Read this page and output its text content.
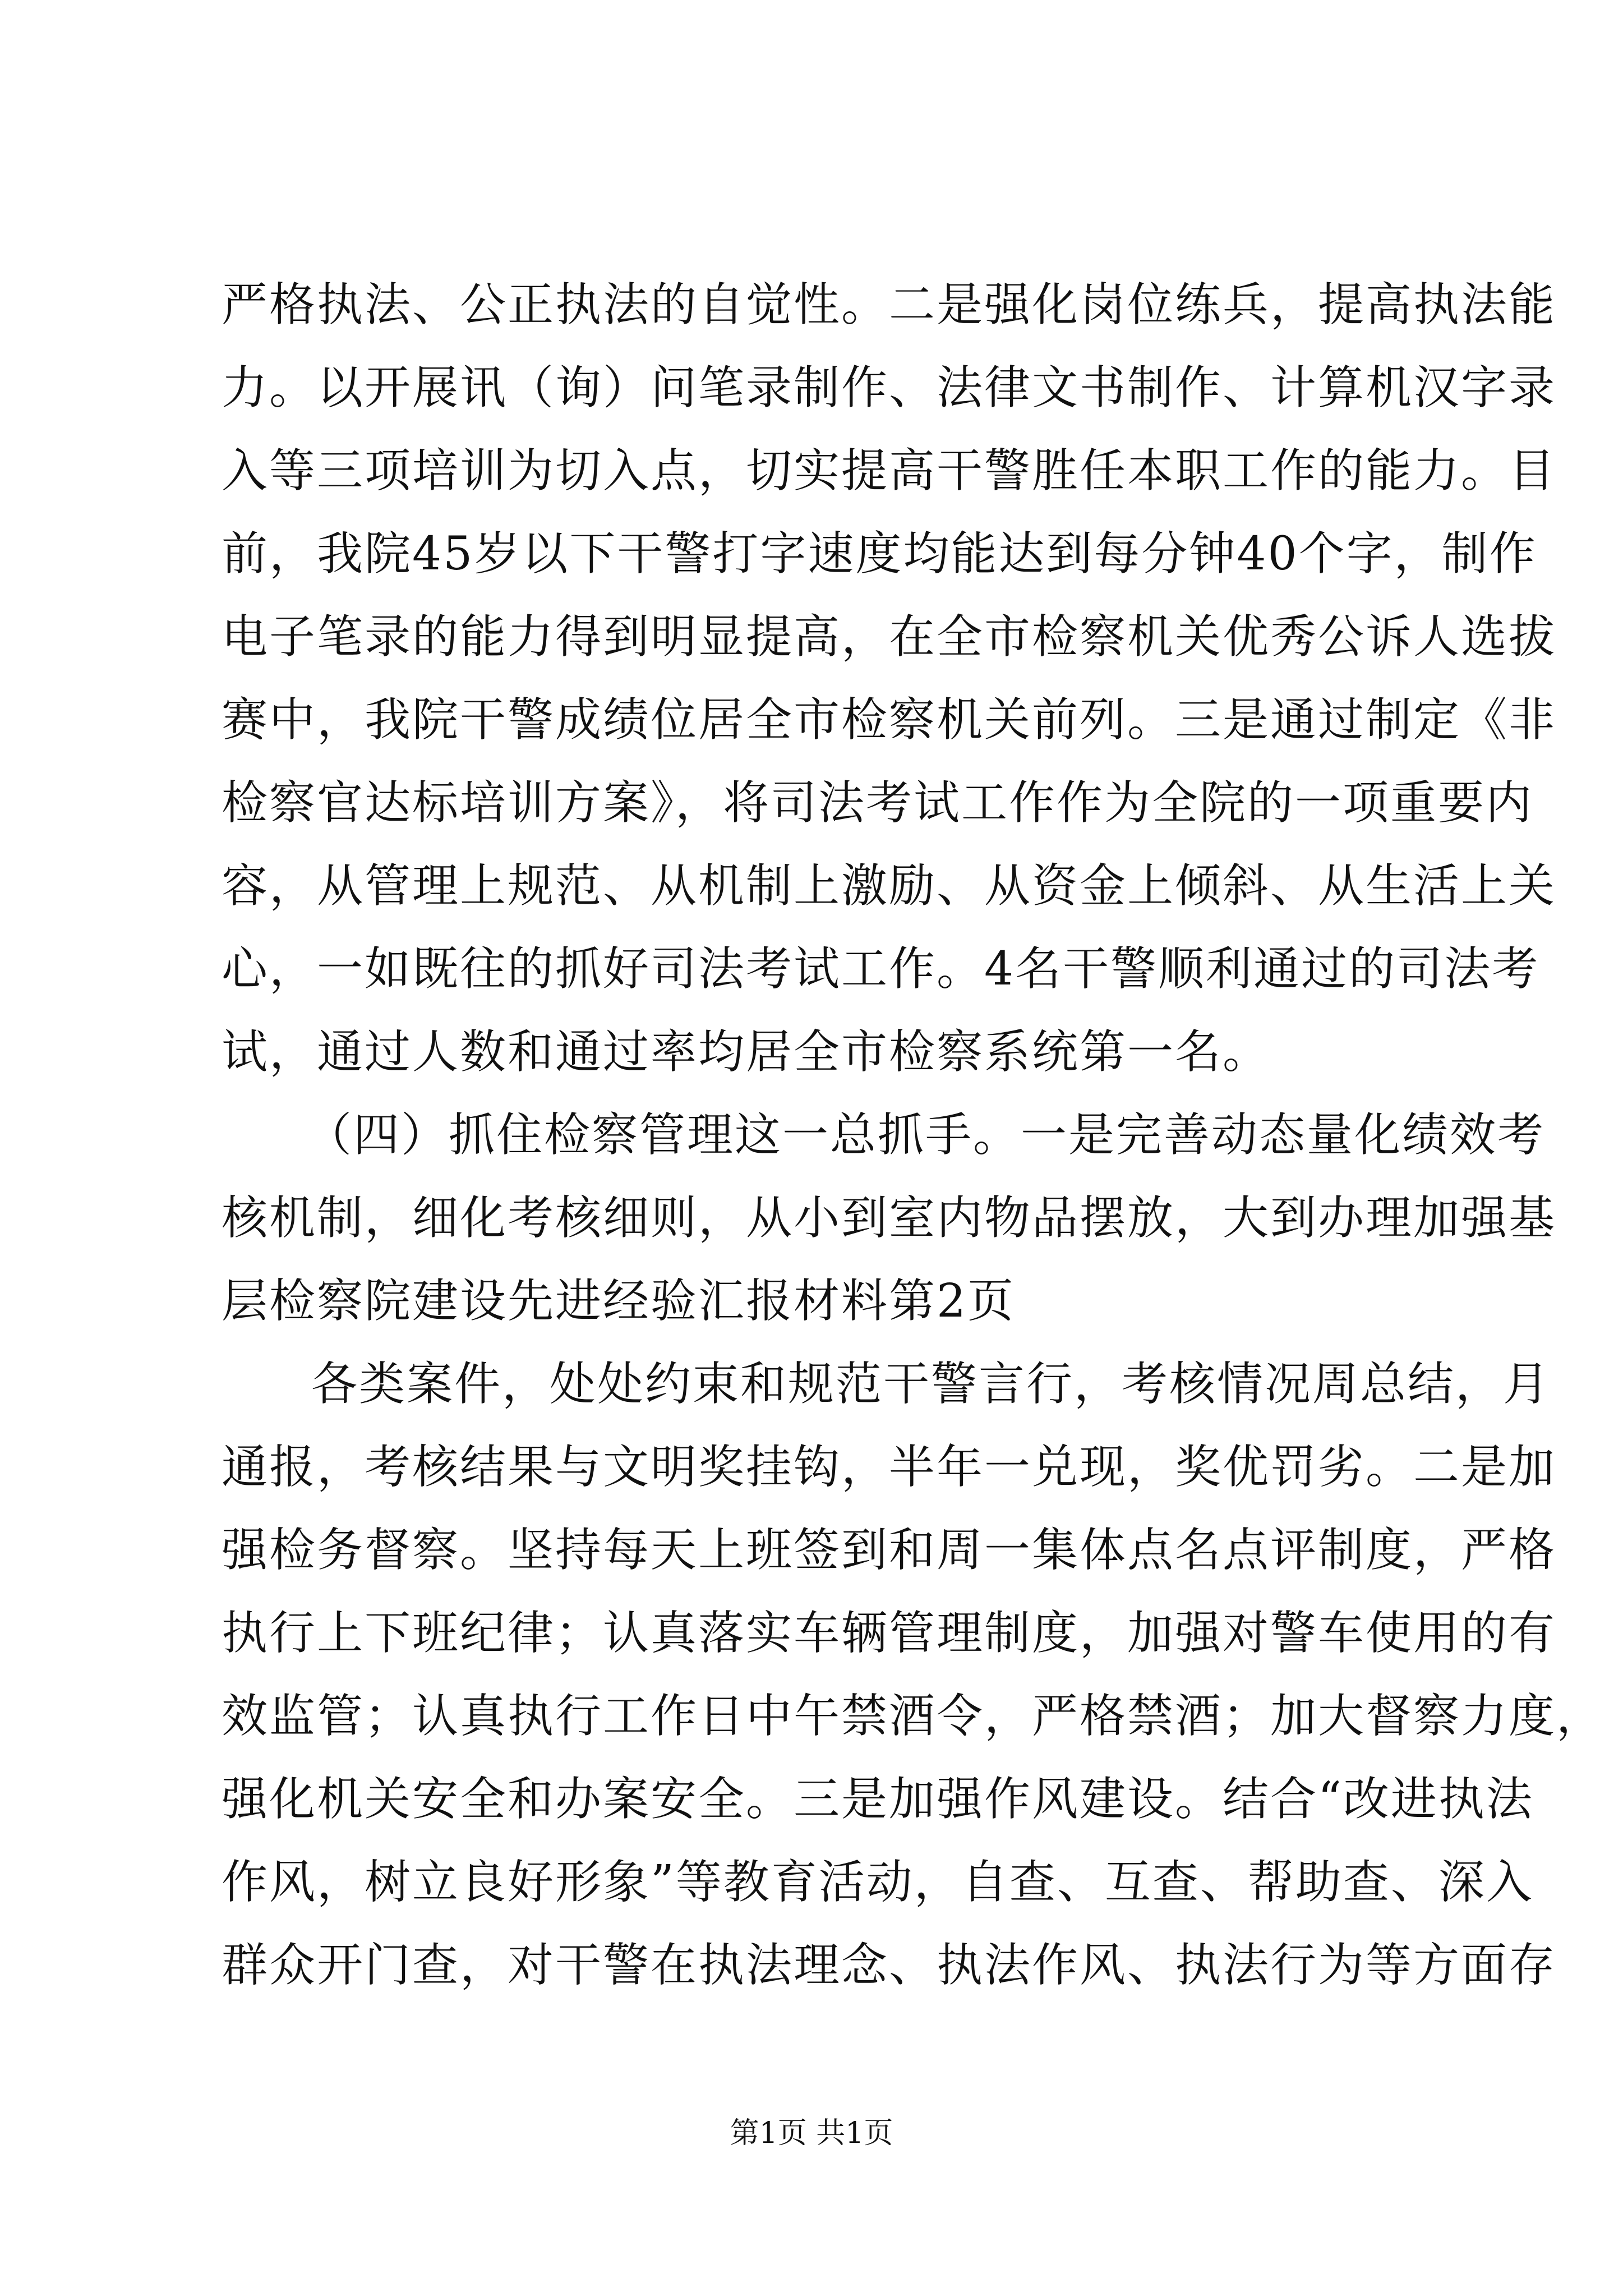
严格执法、公正执法的自觉性。二是强化岗位练兵，提高执法能
力。以开展讯（询）问笔录制作、法律文书制作、计算机汉字录
入等三项培训为切入点，切实提高干警胜任本职工作的能力。目
前，我院45岁以下干警打字速度均能达到每分钟40个字，制作
电子笔录的能力得到明显提高，在全市检察机关优秀公诉人选拔
赛中，我院干警成绩位居全市检察机关前列。三是通过制定《非
检察官达标培训方案》，将司法考试工作作为全院的一项重要内
容，从管理上规范、从机制上激励、从资金上倾斜、从生活上关
心，一如既往的抓好司法考试工作。4名干警顺利通过的司法考
试，通过人数和通过率均居全市检察系统第一名。
（四）抓住检察管理这一总抓手。一是完善动态量化绩效考
核机制，细化考核细则，从小到室内物品摆放，大到办理加强基
层检察院建设先进经验汇报材料第2页
各类案件，处处约束和规范干警言行，考核情况周总结，月
通报，考核结果与文明奖挂钩，半年一兑现，奖优罚劣。二是加
强检务督察。坚持每天上班签到和周一集体点名点评制度，严格
执行上下班纪律；认真落实车辆管理制度，加强对警车使用的有
效监管；认真执行工作日中午禁酒令，严格禁酒；加大督察力度，
强化机关安全和办案安全。三是加强作风建设。结合“改进执法
作风，树立良好形象”等教育活动，自查、互查、帮助查、深入
群众开门查，对干警在执法理念、执法作风、执法行为等方面存
第1页 共1页
